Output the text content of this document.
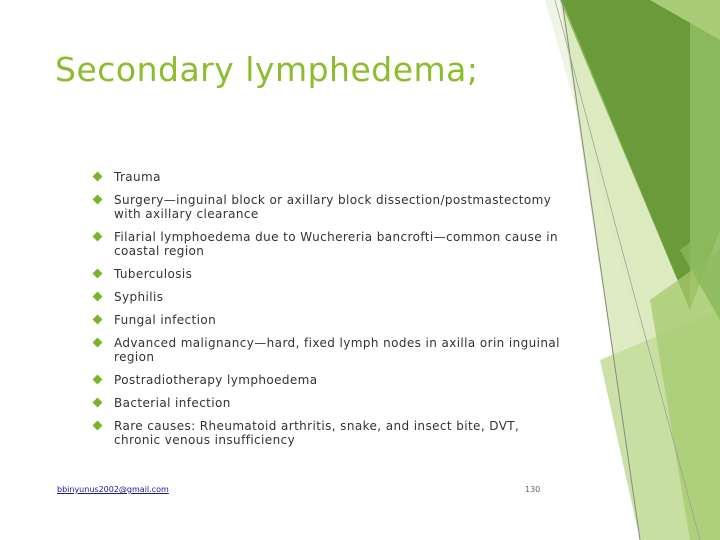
Secondary lymphedema;
Trauma
Surgery—inguinal block or axillary block dissection/postmastectomy with axillary clearance
Filarial lymphoedema due to Wuchereria bancrofti—common cause in coastal region
Tuberculosis
Syphilis
Fungal infection
Advanced malignancy—hard, fixed lymph nodes in axilla orin inguinal region
Postradiotherapy lymphoedema
Bacterial infection
Rare causes: Rheumatoid arthritis, snake, and insect bite, DVT, chronic venous insufficiency
bbinyunus2002@gmail.com	130
